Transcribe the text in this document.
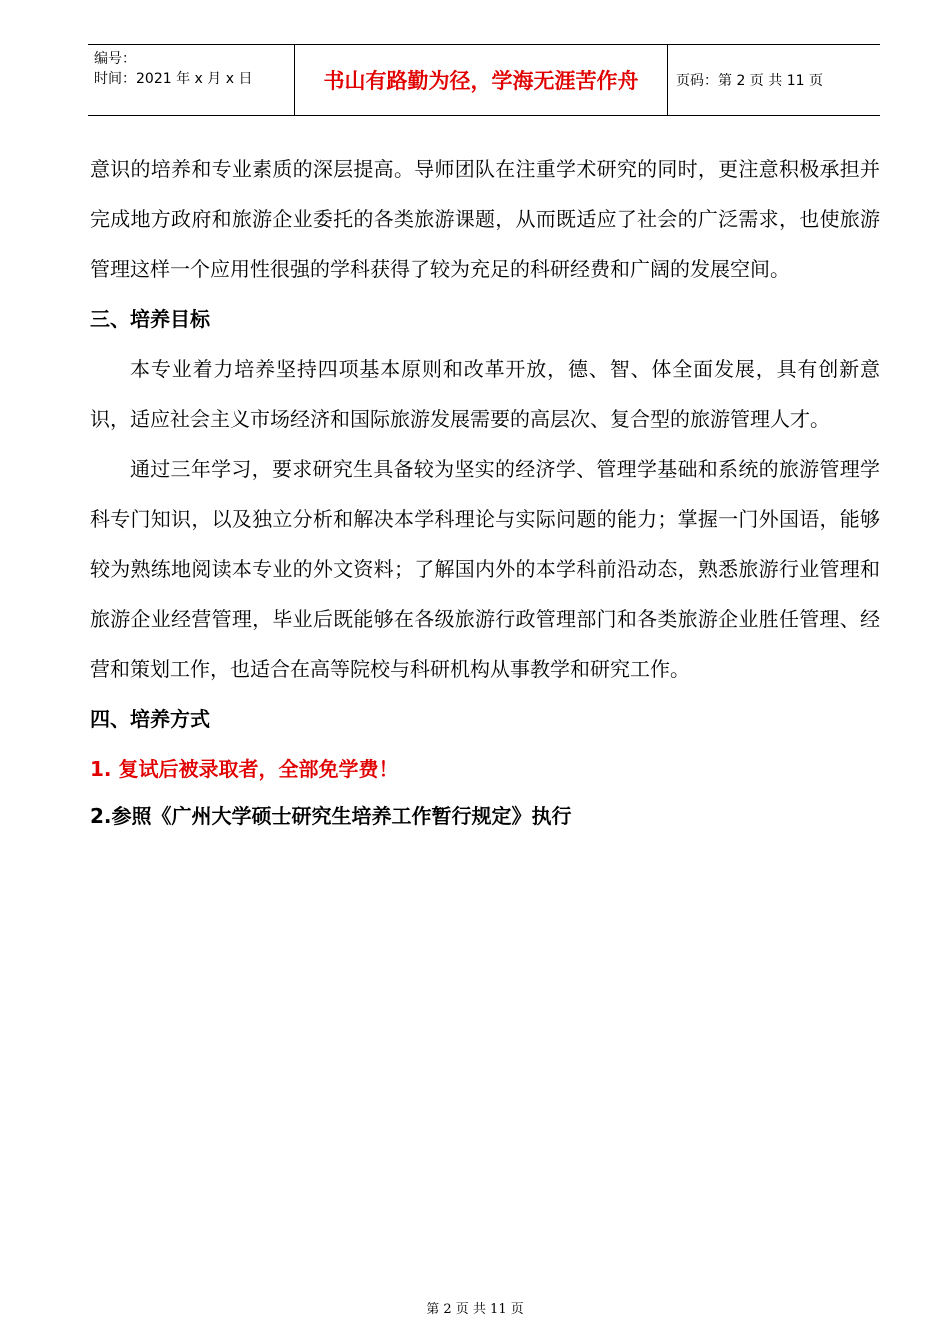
编号：
时间：2021 年 x 月 x 日	书山有路勤为径，学海无涯苦作舟	页码：第 2 页 共 11 页

意识的培养和专业素质的深层提高。导师团队在注重学术研究的同时，更注意积极承担并完成地方政府和旅游企业委托的各类旅游课题，从而既适应了社会的广泛需求，也使旅游管理这样一个应用性很强的学科获得了较为充足的科研经费和广阔的发展空间。

三、培养目标

本专业着力培养坚持四项基本原则和改革开放，德、智、体全面发展，具有创新意识，适应社会主义市场经济和国际旅游发展需要的高层次、复合型的旅游管理人才。

通过三年学习，要求研究生具备较为坚实的经济学、管理学基础和系统的旅游管理学科专门知识，以及独立分析和解决本学科理论与实际问题的能力；掌握一门外国语，能够较为熟练地阅读本专业的外文资料；了解国内外的本学科前沿动态，熟悉旅游行业管理和旅游企业经营管理，毕业后既能够在各级旅游行政管理部门和各类旅游企业胜任管理、经营和策划工作，也适合在高等院校与科研机构从事教学和研究工作。

四、培养方式

1. 复试后被录取者，全部免学费！

2.参照《广州大学硕士研究生培养工作暂行规定》执行

第 2 页 共 11 页
